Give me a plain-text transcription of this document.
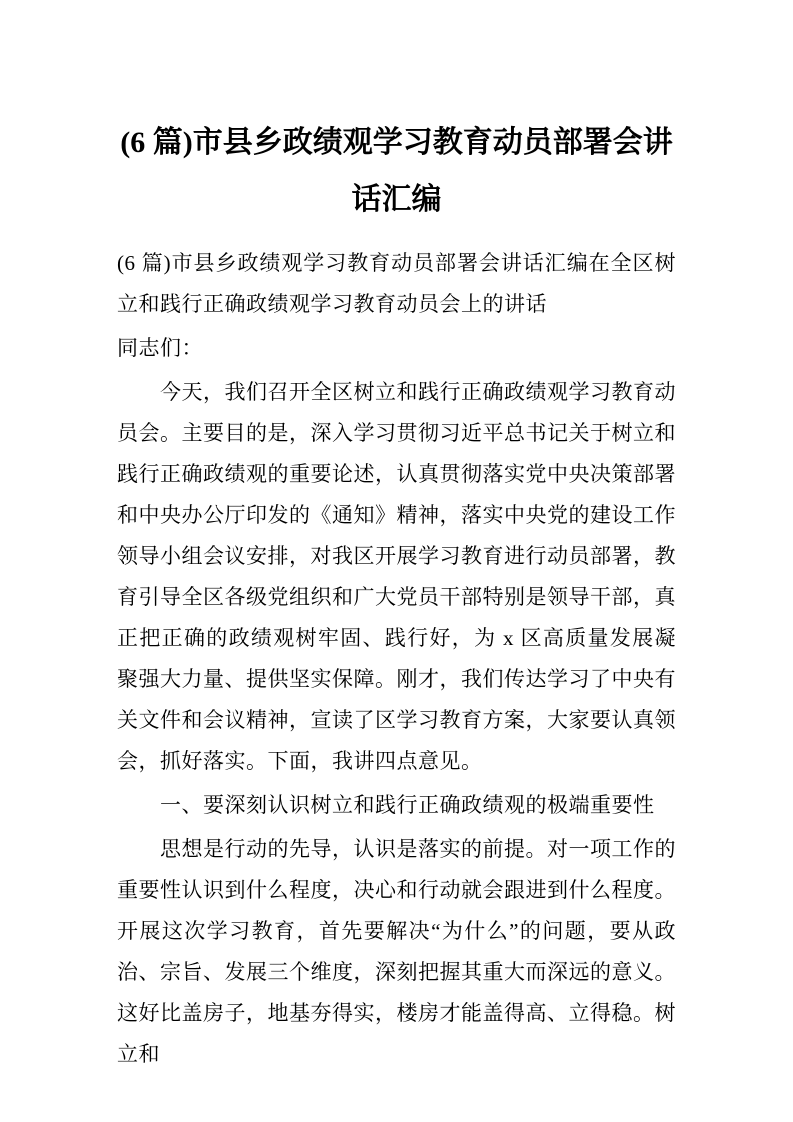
(6 篇)市县乡政绩观学习教育动员部署会讲话汇编

(6 篇)市县乡政绩观学习教育动员部署会讲话汇编在全区树立和践行正确政绩观学习教育动员会上的讲话

同志们：

今天，我们召开全区树立和践行正确政绩观学习教育动员会。主要目的是，深入学习贯彻习近平总书记关于树立和践行正确政绩观的重要论述，认真贯彻落实党中央决策部署和中央办公厅印发的《通知》精神，落实中央党的建设工作领导小组会议安排，对我区开展学习教育进行动员部署，教育引导全区各级党组织和广大党员干部特别是领导干部，真正把正确的政绩观树牢固、践行好，为 x 区高质量发展凝聚强大力量、提供坚实保障。刚才，我们传达学习了中央有关文件和会议精神，宣读了区学习教育方案，大家要认真领会，抓好落实。下面，我讲四点意见。

一、要深刻认识树立和践行正确政绩观的极端重要性

思想是行动的先导，认识是落实的前提。对一项工作的重要性认识到什么程度，决心和行动就会跟进到什么程度。开展这次学习教育，首先要解决“为什么”的问题，要从政治、宗旨、发展三个维度，深刻把握其重大而深远的意义。这好比盖房子，地基夯得实，楼房才能盖得高、立得稳。树立和
